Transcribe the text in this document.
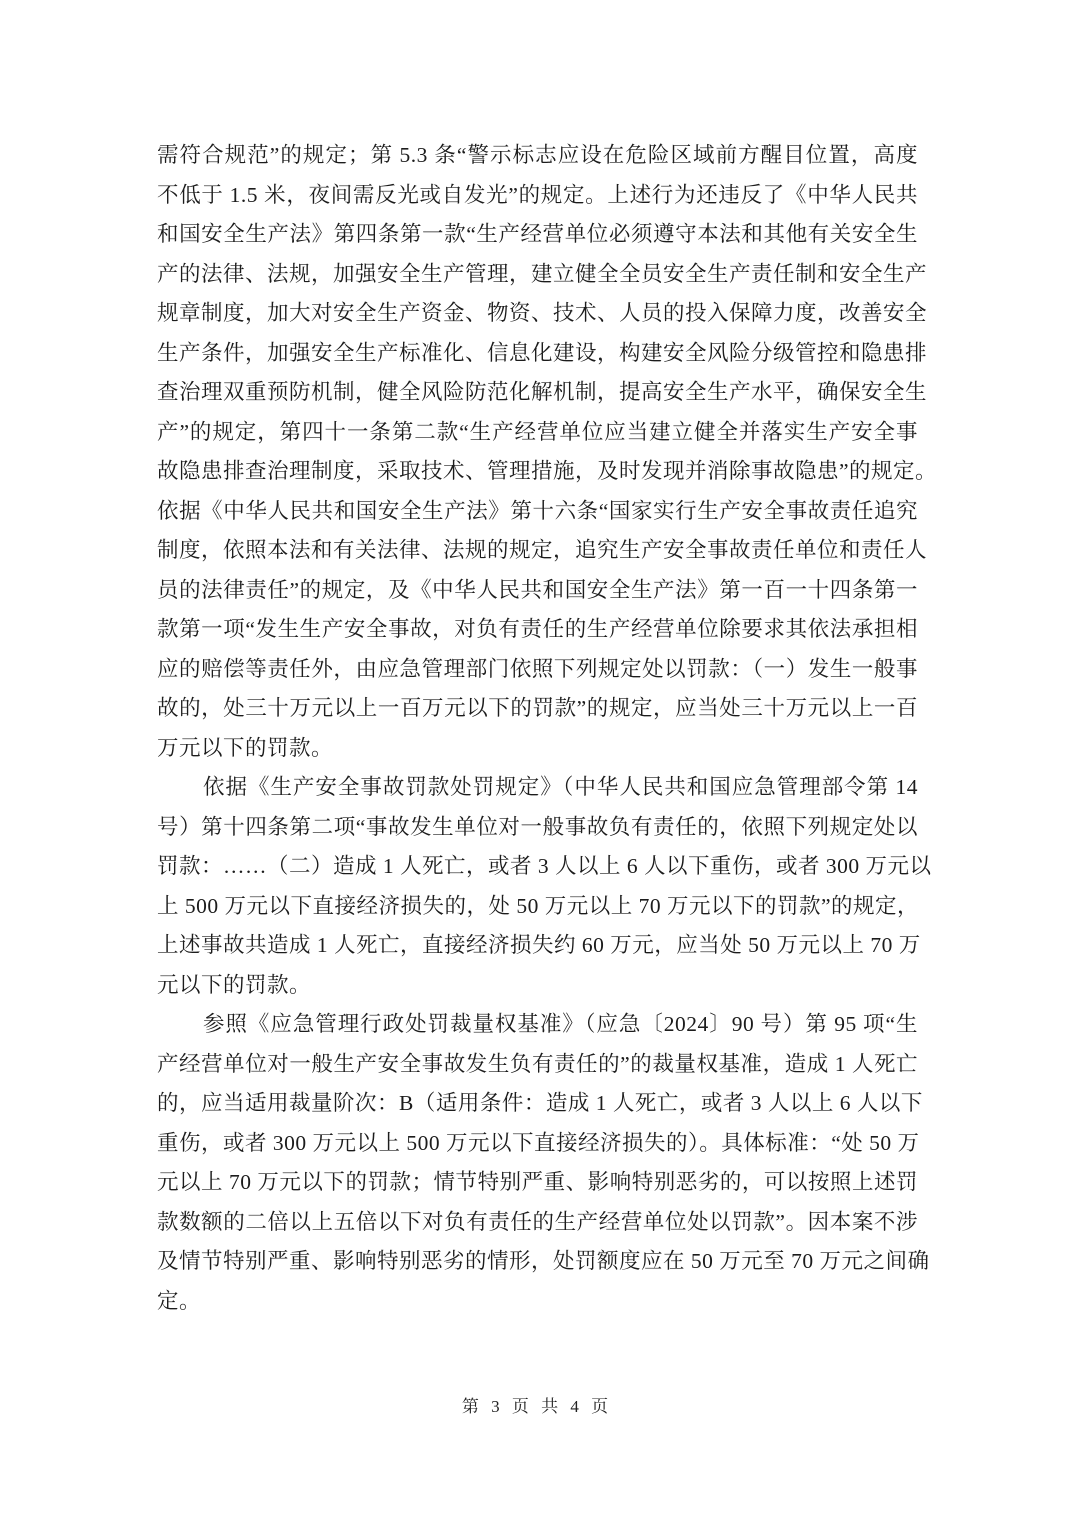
需符合规范”的规定；第 5.3 条“警示标志应设在危险区域前方醒目位置，高度
不低于 1.5 米，夜间需反光或自发光”的规定。上述行为还违反了《中华人民共
和国安全生产法》第四条第一款“生产经营单位必须遵守本法和其他有关安全生
产的法律、法规，加强安全生产管理，建立健全全员安全生产责任制和安全生产
规章制度，加大对安全生产资金、物资、技术、人员的投入保障力度，改善安全
生产条件，加强安全生产标准化、信息化建设，构建安全风险分级管控和隐患排
查治理双重预防机制，健全风险防范化解机制，提高安全生产水平，确保安全生
产”的规定，第四十一条第二款“生产经营单位应当建立健全并落实生产安全事
故隐患排查治理制度，采取技术、管理措施，及时发现并消除事故隐患”的规定。
依据《中华人民共和国安全生产法》第十六条“国家实行生产安全事故责任追究
制度，依照本法和有关法律、法规的规定，追究生产安全事故责任单位和责任人
员的法律责任”的规定，及《中华人民共和国安全生产法》第一百一十四条第一
款第一项“发生生产安全事故，对负有责任的生产经营单位除要求其依法承担相
应的赔偿等责任外，由应急管理部门依照下列规定处以罚款：（一）发生一般事
故的，处三十万元以上一百万元以下的罚款”的规定，应当处三十万元以上一百
万元以下的罚款。
依据《生产安全事故罚款处罚规定》（中华人民共和国应急管理部令第 14
号）第十四条第二项“事故发生单位对一般事故负有责任的，依照下列规定处以
罚款：……（二）造成 1 人死亡，或者 3 人以上 6 人以下重伤，或者 300 万元以
上 500 万元以下直接经济损失的，处 50 万元以上 70 万元以下的罚款”的规定，
上述事故共造成 1 人死亡，直接经济损失约 60 万元，应当处 50 万元以上 70 万
元以下的罚款。
参照《应急管理行政处罚裁量权基准》（应急〔2024〕90 号）第 95 项“生
产经营单位对一般生产安全事故发生负有责任的”的裁量权基准，造成 1 人死亡
的，应当适用裁量阶次：B（适用条件：造成 1 人死亡，或者 3 人以上 6 人以下
重伤，或者 300 万元以上 500 万元以下直接经济损失的）。具体标准：“处 50 万
元以上 70 万元以下的罚款；情节特别严重、影响特别恶劣的，可以按照上述罚
款数额的二倍以上五倍以下对负有责任的生产经营单位处以罚款”。因本案不涉
及情节特别严重、影响特别恶劣的情形，处罚额度应在 50 万元至 70 万元之间确
定。
第 3 页 共 4 页
